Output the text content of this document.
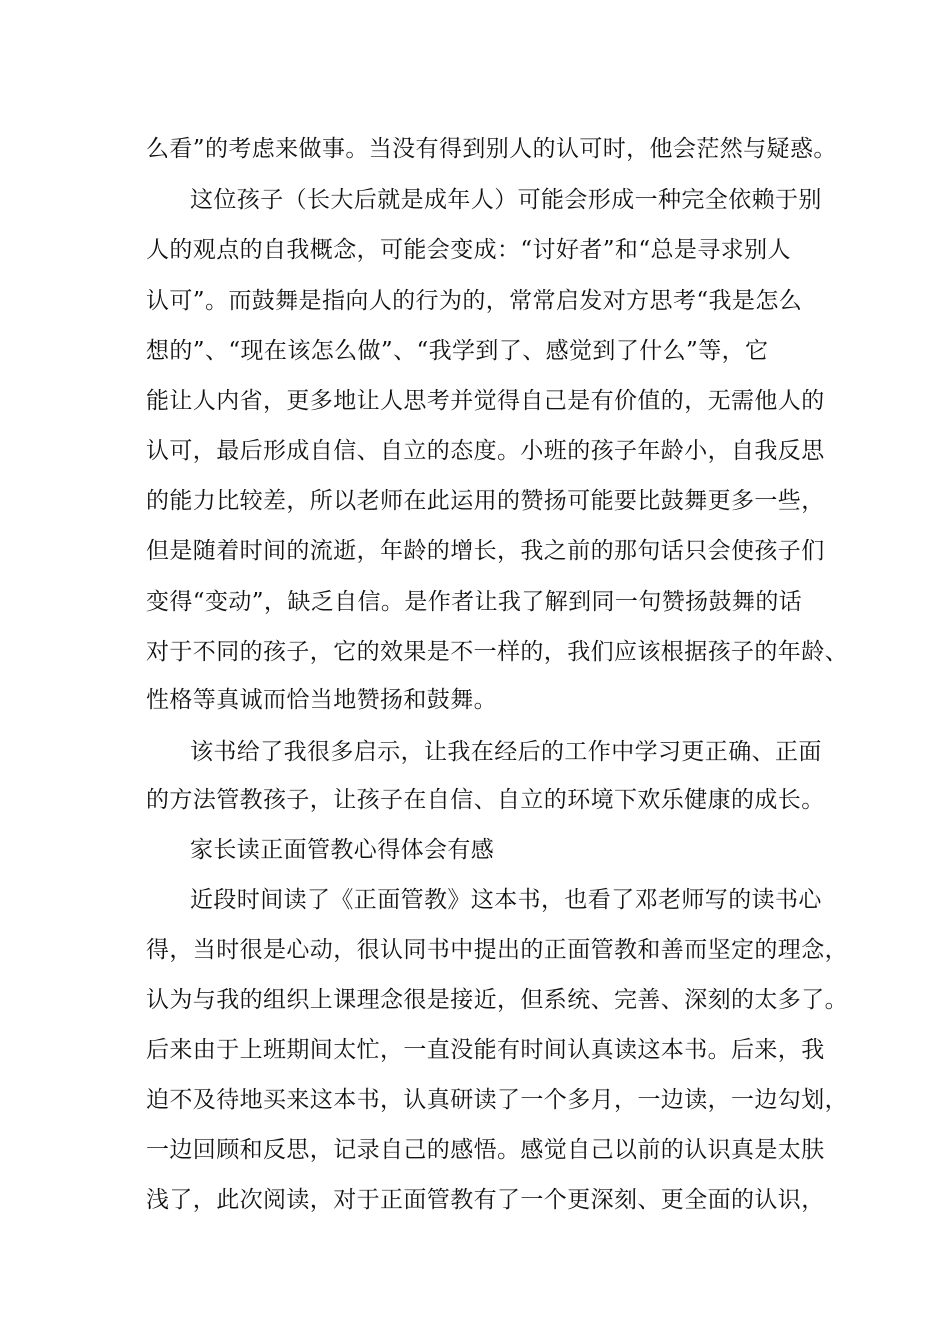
么看”的考虑来做事。当没有得到别人的认可时，他会茫然与疑惑。
这位孩子（长大后就是成年人）可能会形成一种完全依赖于别
人的观点的自我概念，可能会变成：“讨好者”和“总是寻求别人
认可”。而鼓舞是指向人的行为的，常常启发对方思考“我是怎么
想的”、“现在该怎么做”、“我学到了、感觉到了什么”等，它
能让人内省，更多地让人思考并觉得自己是有价值的，无需他人的
认可，最后形成自信、自立的态度。小班的孩子年龄小，自我反思
的能力比较差，所以老师在此运用的赞扬可能要比鼓舞更多一些，
但是随着时间的流逝，年龄的增长，我之前的那句话只会使孩子们
变得“变动”，缺乏自信。是作者让我了解到同一句赞扬鼓舞的话
对于不同的孩子，它的效果是不一样的，我们应该根据孩子的年龄、
性格等真诚而恰当地赞扬和鼓舞。
该书给了我很多启示，让我在经后的工作中学习更正确、正面
的方法管教孩子，让孩子在自信、自立的环境下欢乐健康的成长。
家长读正面管教心得体会有感
近段时间读了《正面管教》这本书，也看了邓老师写的读书心
得，当时很是心动，很认同书中提出的正面管教和善而坚定的理念，
认为与我的组织上课理念很是接近，但系统、完善、深刻的太多了。
后来由于上班期间太忙，一直没能有时间认真读这本书。后来，我
迫不及待地买来这本书，认真研读了一个多月，一边读，一边勾划，
一边回顾和反思，记录自己的感悟。感觉自己以前的认识真是太肤
浅了，此次阅读，对于正面管教有了一个更深刻、更全面的认识，
